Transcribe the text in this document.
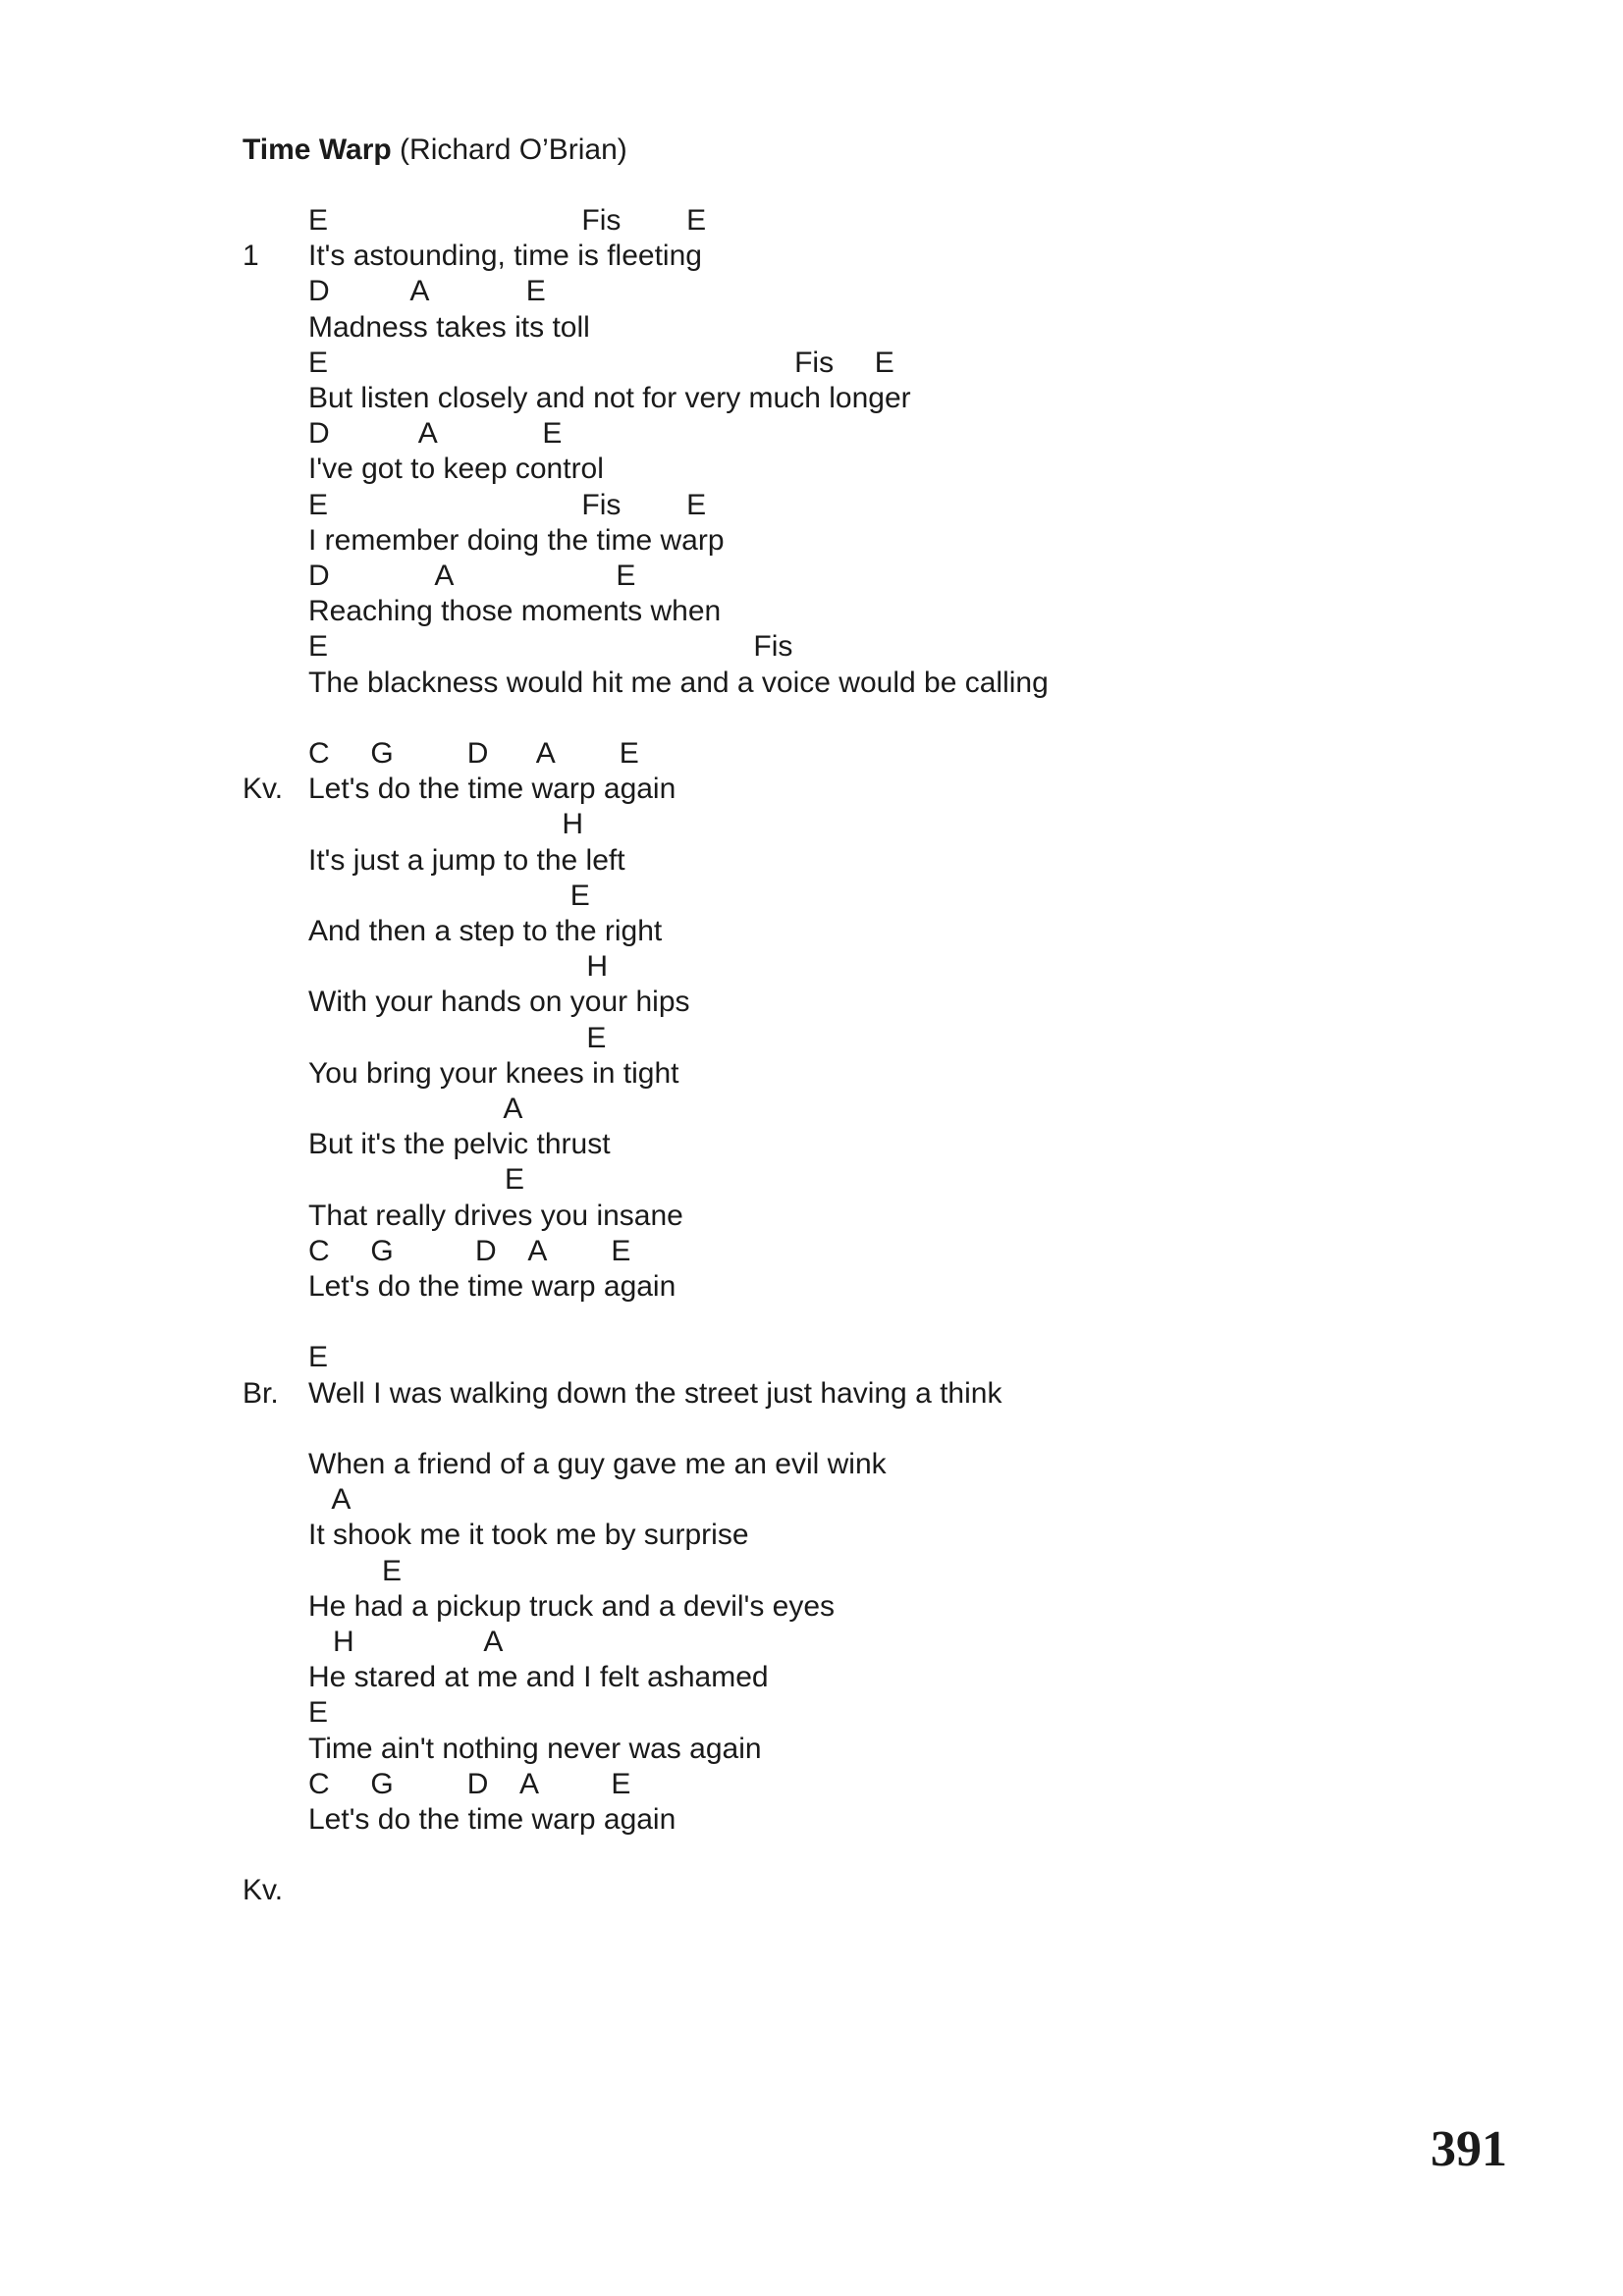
Time Warp (Richard O’Brian)
E                               Fis        E
1 It's astounding, time is fleeting
D          A            E
Madness takes its toll
E                                                         Fis     E
But listen closely and not for very much longer
D           A             E
I've got to keep control
E                               Fis        E
I remember doing the time warp
D             A                    E
Reaching those moments when
E                                                    Fis
The blackness would hit me and a voice would be calling
C     G         D      A        E
Kv. Let's do the time warp again
H
It's just a jump to the left
E
And then a step to the right
H
With your hands on your hips
E
You bring your knees in tight
A
But it's the pelvic thrust
E
That really drives you insane
C     G          D    A        E
Let's do the time warp again
E
Br. Well I was walking down the street just having a think
When a friend of a guy gave me an evil wink
A
It shook me it took me by surprise
E
He had a pickup truck and a devil's eyes
H                A
He stared at me and I felt ashamed
E
Time ain't nothing never was again
C     G         D    A         E
Let's do the time warp again
Kv.
391
